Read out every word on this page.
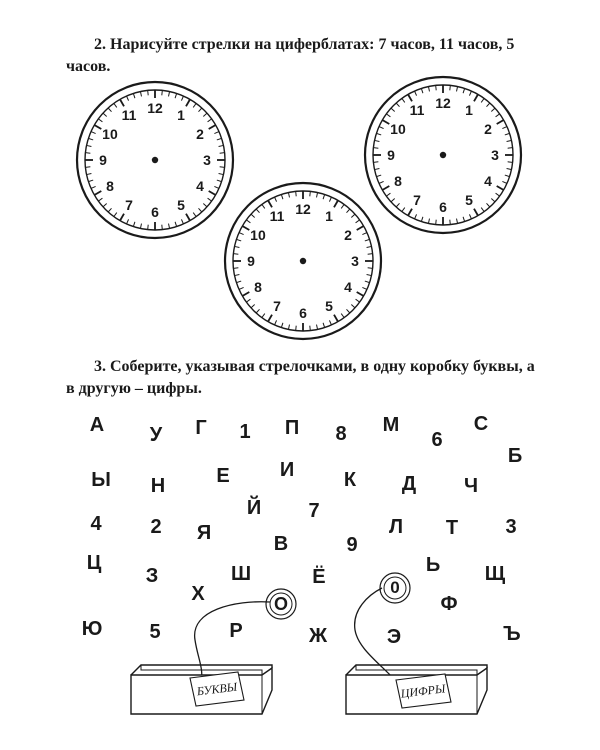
2. Нарисуйте стрелки на циферблатах: 7 часов, 11 часов, 5 часов.
12 1
2
3
4
5
6
7
8
9
10
11
12 1
2
3
4
5
6
7
8
9
10
11
12 1
2
3
4
5
6
7
8
9
10
11
3. Соберите, указывая стрелочками, в одну коробку буквы, а в другую – цифры.
А У Г 1 П 8 М
6
С
Б
Ы Н	Е	И К Д Ч
Й 7
4 2 Я	В	9
Л Т 3
Ц
З	Ш	Ё
Ь Щ
Х	Ф
Ю 5	Р	Ж	Э	Ъ
О
0
БУКВЫ	ЦИФРЫ
